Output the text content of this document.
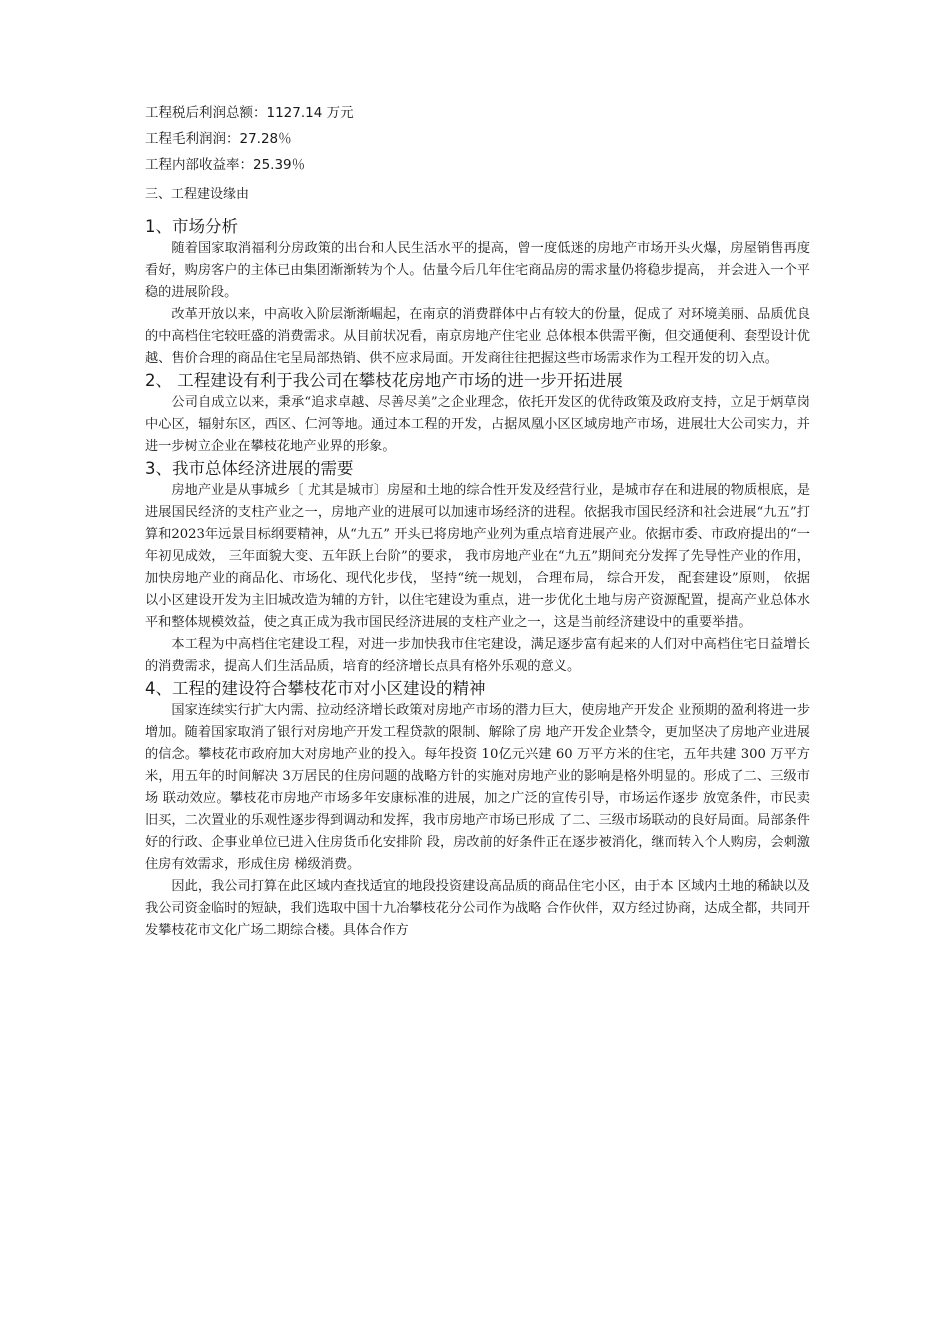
工程税后利润总额：1127.14 万元
工程毛利润润：27.28％
工程内部收益率：25.39％
三、工程建设缘由
1、市场分析

随着国家取消福利分房政策的出台和人民生活水平的提高，曾一度低迷的房地产市场开头火爆，房屋销售再度看好，购房客户的主体已由集团渐渐转为个人。估量今后几年住宅商品房的需求量仍将稳步提高， 并会进入一个平稳的进展阶段。

改革开放以来，中高收入阶层渐渐崛起，在南京的消费群体中占有较大的份量，促成了 对环境美丽、品质优良的中高档住宅较旺盛的消费需求。从目前状况看，南京房地产住宅业 总体根本供需平衡，但交通便利、套型设计优越、售价合理的商品住宅呈局部热销、供不应求局面。开发商往往把握这些市场需求作为工程开发的切入点。

2、 工程建设有利于我公司在攀枝花房地产市场的进一步开拓进展

公司自成立以来，秉承“追求卓越、尽善尽美”之企业理念，依托开发区的优待政策及政府支持，立足于炳草岗中心区，辐射东区，西区、仁河等地。通过本工程的开发，占据凤凰小区区域房地产市场，进展壮大公司实力，并进一步树立企业在攀枝花地产业界的形象。

3、我市总体经济进展的需要

房地产业是从事城乡〔 尤其是城市〕房屋和土地的综合性开发及经营行业，是城市存在和进展的物质根底，是进展国民经济的支柱产业之一，房地产业的进展可以加速市场经济的进程。依据我市国民经济和社会进展“九五”打算和2023年远景目标纲要精神，从“九五” 开头已将房地产业列为重点培育进展产业。依据市委、市政府提出的“一年初见成效， 三年面貌大变、五年跃上台阶”的要求， 我市房地产业在“九五”期间充分发挥了先导性产业的作用， 加快房地产业的商品化、市场化、现代化步伐， 坚持“统一规划， 合理布局， 综合开发， 配套建设”原则， 依据以小区建设开发为主旧城改造为辅的方针，以住宅建设为重点，进一步优化土地与房产资源配置，提高产业总体水平和整体规模效益，使之真正成为我市国民经济进展的支柱产业之一，这是当前经济建设中的重要举措。

本工程为中高档住宅建设工程，对进一步加快我市住宅建设，满足逐步富有起来的人们对中高档住宅日益增长的消费需求，提高人们生活品质，培育的经济增长点具有格外乐观的意义。

4、工程的建设符合攀枝花市对小区建设的精神

国家连续实行扩大内需、拉动经济增长政策对房地产市场的潜力巨大，使房地产开发企 业预期的盈利将进一步增加。随着国家取消了银行对房地产开发工程贷款的限制、解除了房 地产开发企业禁令，更加坚决了房地产业进展的信念。攀枝花市政府加大对房地产业的投入。每年投资 10亿元兴建 60 万平方米的住宅，五年共建 300 万平方米，用五年的时间解决 3万居民的住房问题的战略方针的实施对房地产业的影响是格外明显的。形成了二、三级市场 联动效应。攀枝花市房地产市场多年安康标准的进展，加之广泛的宣传引导，市场运作逐步 放宽条件，市民卖旧买，二次置业的乐观性逐步得到调动和发挥，我市房地产市场已形成 了二、三级市场联动的良好局面。局部条件好的行政、企事业单位已进入住房货币化安排阶 段，房改前的好条件正在逐步被消化，继而转入个人购房，会刺激住房有效需求，形成住房 梯级消费。

因此，我公司打算在此区域内查找适宜的地段投资建设高品质的商品住宅小区，由于本 区域内土地的稀缺以及我公司资金临时的短缺，我们选取中国十九冶攀枝花分公司作为战略 合作伙伴，双方经过协商，达成全都，共同开发攀枝花市文化广场二期综合楼。具体合作方
